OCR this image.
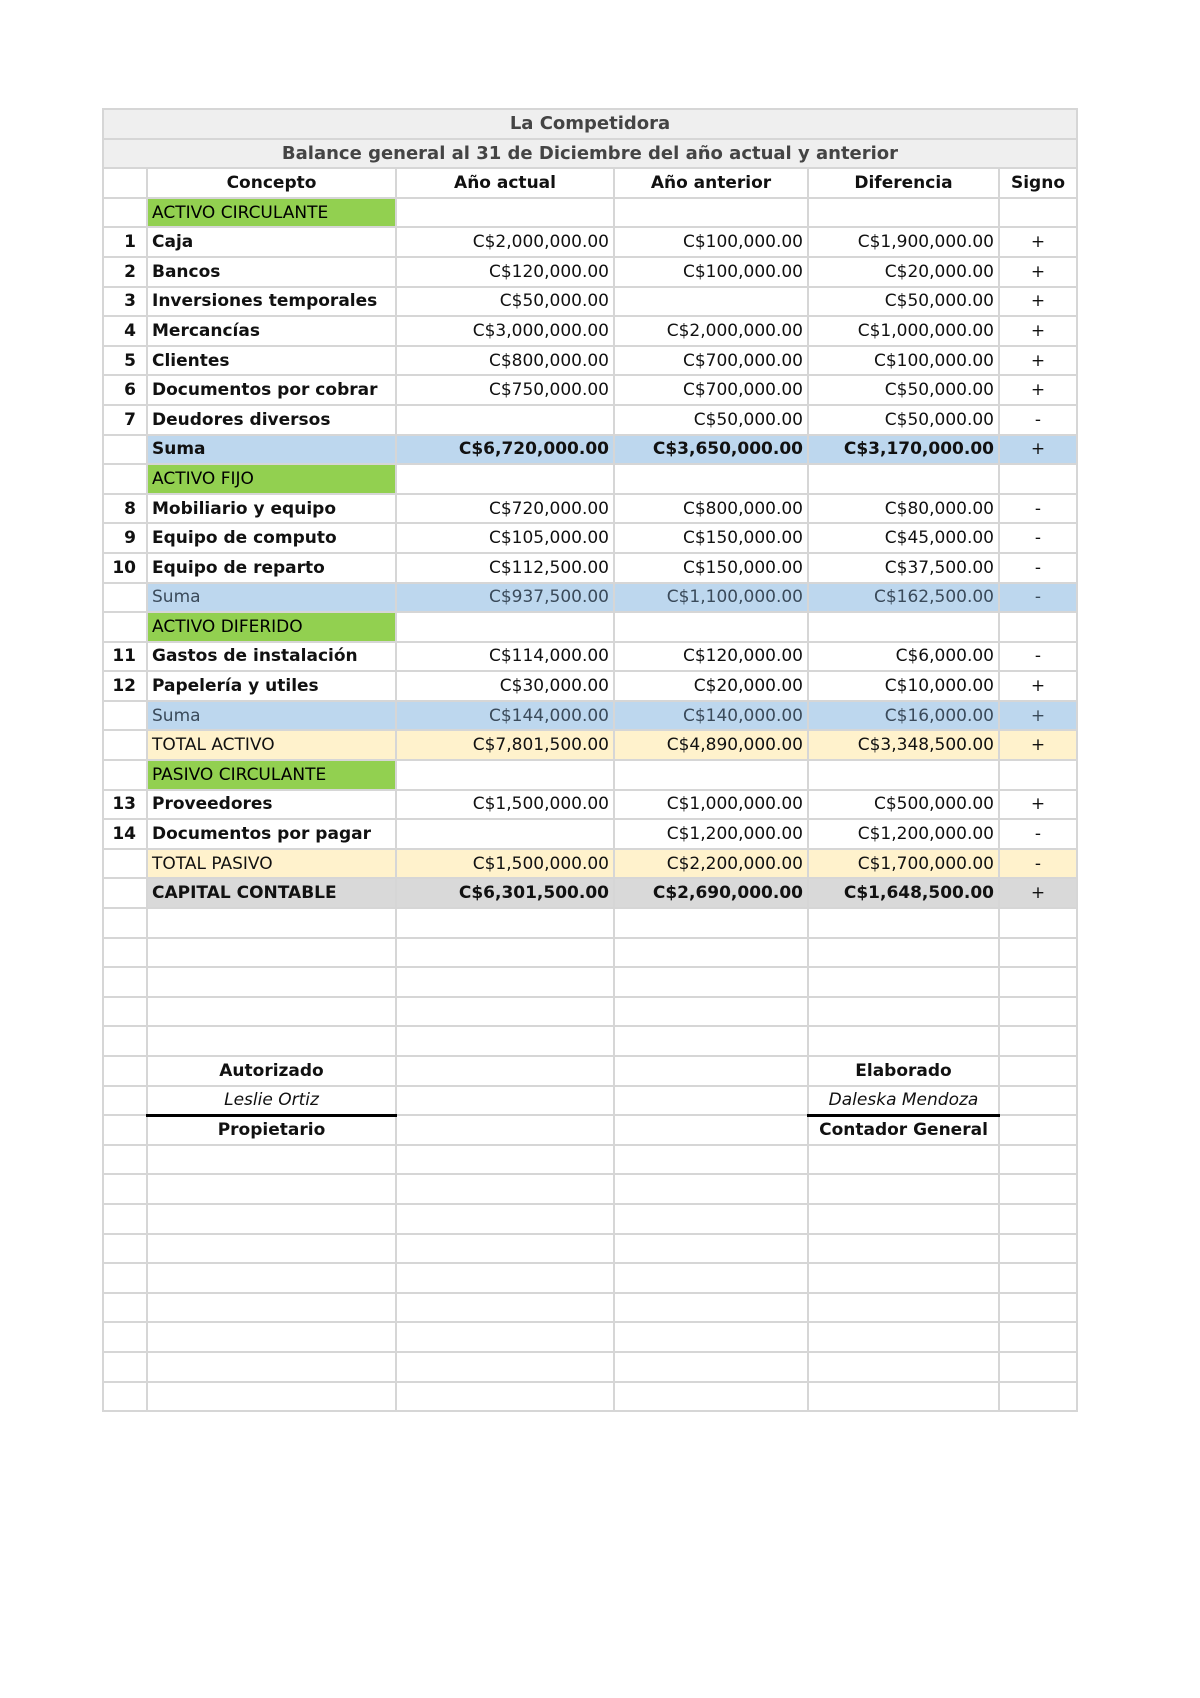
La Competidora					
Balance general al 31 de Diciembre del año actual y anterior					
	Concepto	Año actual	Año anterior	Diferencia	Signo
	ACTIVO CIRCULANTE				
1	Caja	C$2,000,000.00	C$100,000.00	C$1,900,000.00	+
2	Bancos	C$120,000.00	C$100,000.00	C$20,000.00	+
3	Inversiones temporales	C$50,000.00		C$50,000.00	+
4	Mercancías	C$3,000,000.00	C$2,000,000.00	C$1,000,000.00	+
5	Clientes	C$800,000.00	C$700,000.00	C$100,000.00	+
6	Documentos por cobrar	C$750,000.00	C$700,000.00	C$50,000.00	+
7	Deudores diversos		C$50,000.00	C$50,000.00	-
	Suma	C$6,720,000.00	C$3,650,000.00	C$3,170,000.00	+
	ACTIVO FIJO				
8	Mobiliario y equipo	C$720,000.00	C$800,000.00	C$80,000.00	-
9	Equipo de computo	C$105,000.00	C$150,000.00	C$45,000.00	-
10	Equipo de reparto	C$112,500.00	C$150,000.00	C$37,500.00	-
	Suma	C$937,500.00	C$1,100,000.00	C$162,500.00	-
	ACTIVO DIFERIDO				
11	Gastos de instalación	C$114,000.00	C$120,000.00	C$6,000.00	-
12	Papelería y utiles	C$30,000.00	C$20,000.00	C$10,000.00	+
	Suma	C$144,000.00	C$140,000.00	C$16,000.00	+
	TOTAL ACTIVO	C$7,801,500.00	C$4,890,000.00	C$3,348,500.00	+
	PASIVO CIRCULANTE				
13	Proveedores	C$1,500,000.00	C$1,000,000.00	C$500,000.00	+
14	Documentos por pagar		C$1,200,000.00	C$1,200,000.00	-
	TOTAL PASIVO	C$1,500,000.00	C$2,200,000.00	C$1,700,000.00	-
	CAPITAL CONTABLE	C$6,301,500.00	C$2,690,000.00	C$1,648,500.00	+

	Autorizado			Elaborado	
	Leslie Ortiz			Daleska Mendoza	
	Propietario			Contador General	
